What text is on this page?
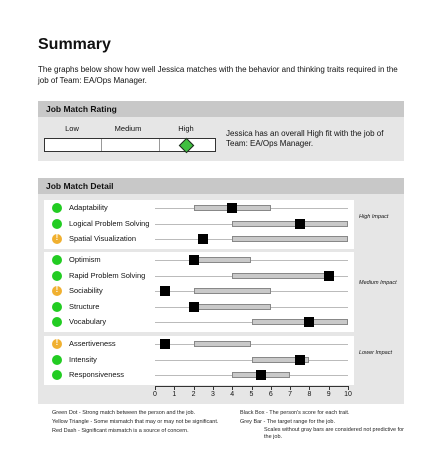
Summary
The graphs below show how well Jessica matches with the behavior and thinking traits required in the job of Team: EA/Ops Manager.
Job Match Rating
Low	Medium	High
Jessica has an overall High fit with the job of Team: EA/Ops Manager.
Job Match Detail
High Impact
Adaptability
Logical Problem Solving
!
Spatial Visualization
Medium Impact
Optimism
Rapid Problem Solving
!
Sociability
Structure
Vocabulary
Lower Impact
!
Assertiveness
Intensity
Responsiveness
0	1	2	3	4	5	6	7	8	9	10
Green Dot - Strong match between the person and the job.
Yellow Triangle - Some mismatch that may or may not be significant.
Red Dash - Significant mismatch is a source of concern.
Black Box - The person's score for each trait.
Grey Bar - The target range for the job.
Scales without gray bars are considered not predictive for the job.
